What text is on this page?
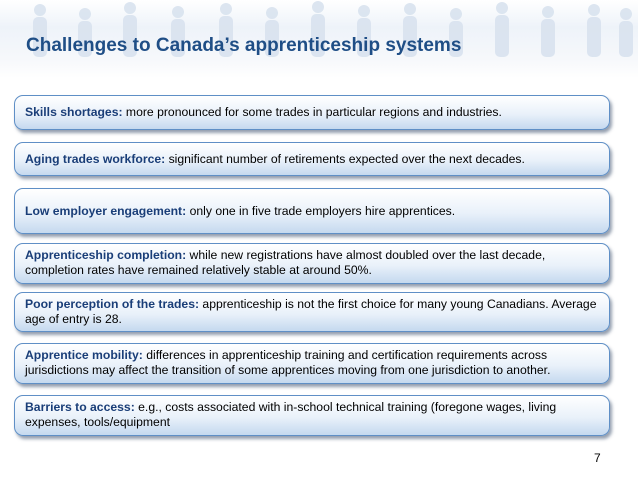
Challenges to Canada’s apprenticeship systems
Skills shortages: more pronounced for some trades in particular regions and industries.
Aging trades workforce: significant number of retirements expected over the next decades.
Low employer engagement: only one in five trade employers hire apprentices.
Apprenticeship completion: while new registrations have almost doubled over the last decade, completion rates have remained relatively stable at around 50%.
Poor perception of the trades: apprenticeship is not the first choice for many young Canadians. Average age of entry is 28.
Apprentice mobility: differences in apprenticeship training and certification requirements across jurisdictions may affect the transition of some apprentices moving from one jurisdiction to another.
Barriers to access: e.g., costs associated with in-school technical training (foregone wages, living expenses, tools/equipment
7
